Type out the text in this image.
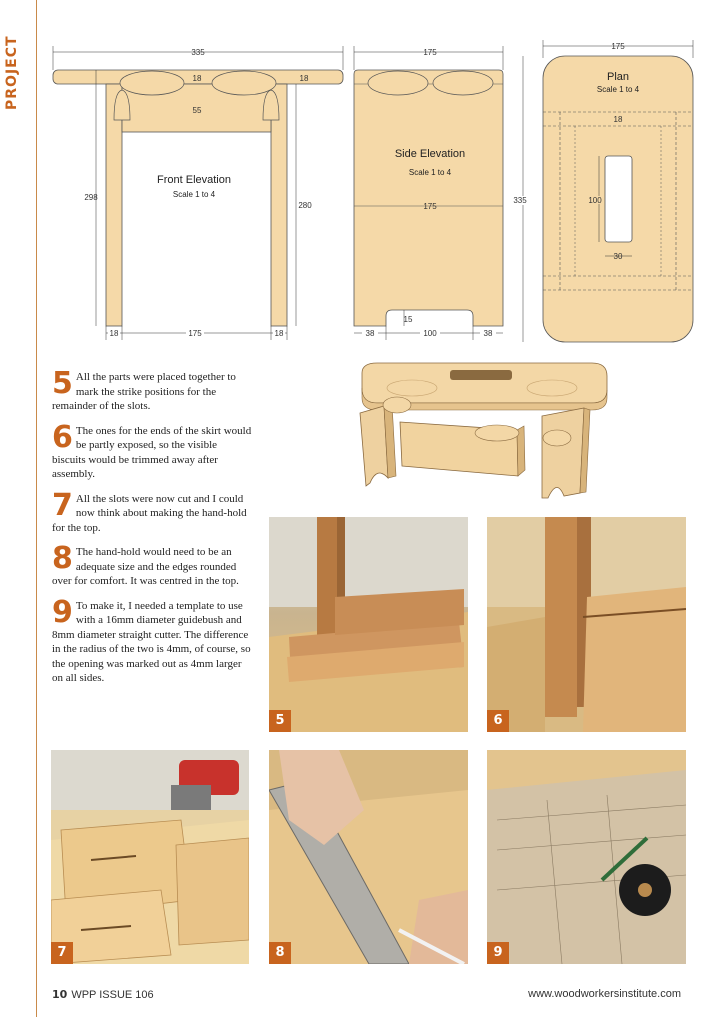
PROJECT	335
18	18
55
298
280
Front Elevation
Scale 1 to 4
18	175	18
175
175
Side Elevation
Scale 1 to 4
15
38	100	38
175
18
Plan
Scale 1 to 4
100
30
335
5 All the parts were placed together to mark the strike positions for the remainder of the slots.
6 The ones for the ends of the skirt would be partly exposed, so the visible biscuits would be trimmed away after assembly.
7 All the slots were now cut and I could now think about making the hand-hold for the top.
8 The hand-hold would need to be an adequate size and the edges rounded over for comfort. It was centred in the top.
9 To make it, I needed a template to use with a 16mm diameter guidebush and 8mm diameter straight cutter. The difference in the radius of the two is 4mm, of course, so the opening was marked out as 4mm larger on all sides.
5	6
7	8	9
10 WPP ISSUE 106	www.woodworkersinstitute.com
